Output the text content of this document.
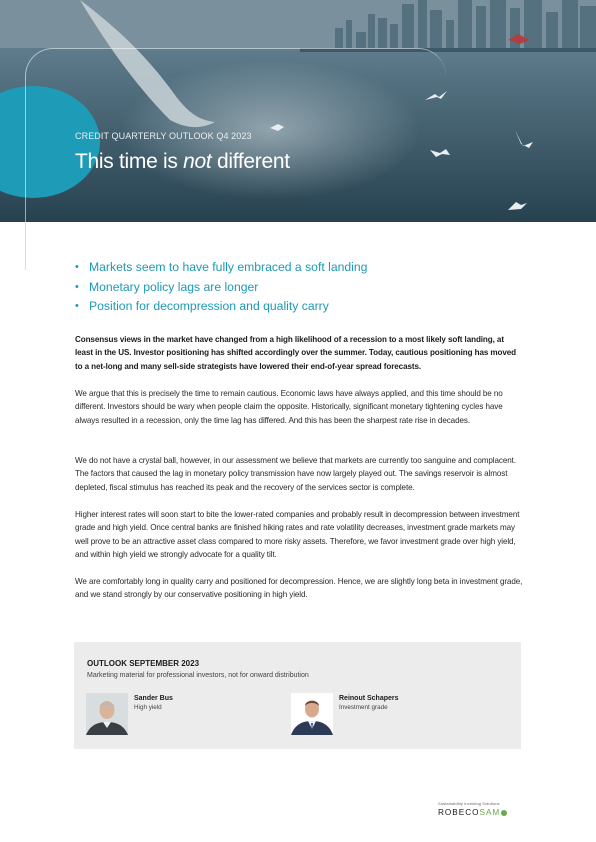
CREDIT QUARTERLY OUTLOOK Q4 2023
This time is not different
• Markets seem to have fully embraced a soft landing
• Monetary policy lags are longer
• Position for decompression and quality carry

Consensus views in the market have changed from a high likelihood of a recession to a most likely soft landing, at least in the US. Investor positioning has shifted accordingly over the summer. Today, cautious positioning has moved to a net-long and many sell-side strategists have lowered their end-of-year spread forecasts.

We argue that this is precisely the time to remain cautious. Economic laws have always applied, and this time should be no different. Investors should be wary when people claim the opposite. Historically, significant monetary tightening cycles have always resulted in a recession, only the time lag has differed. And this has been the sharpest rate rise in decades.

We do not have a crystal ball, however, in our assessment we believe that markets are currently too sanguine and complacent. The factors that caused the lag in monetary policy transmission have now largely played out. The savings reservoir is almost depleted, fiscal stimulus has reached its peak and the recovery of the services sector is complete.

Higher interest rates will soon start to bite the lower-rated companies and probably result in decompression between investment grade and high yield. Once central banks are finished hiking rates and rate volatility decreases, investment grade markets may well prove to be an attractive asset class compared to more risky assets. Therefore, we favor investment grade over high yield, and within high yield we strongly advocate for a quality tilt.

We are comfortably long in quality carry and positioned for decompression. Hence, we are slightly long beta in investment grade, and we stand strongly by our conservative positioning in high yield.

OUTLOOK SEPTEMBER 2023
Marketing material for professional investors, not for onward distribution
Sander Bus
High yield
Reinout Schapers
Investment grade
Sustainability Investing Solutions
ROBECOSAM
